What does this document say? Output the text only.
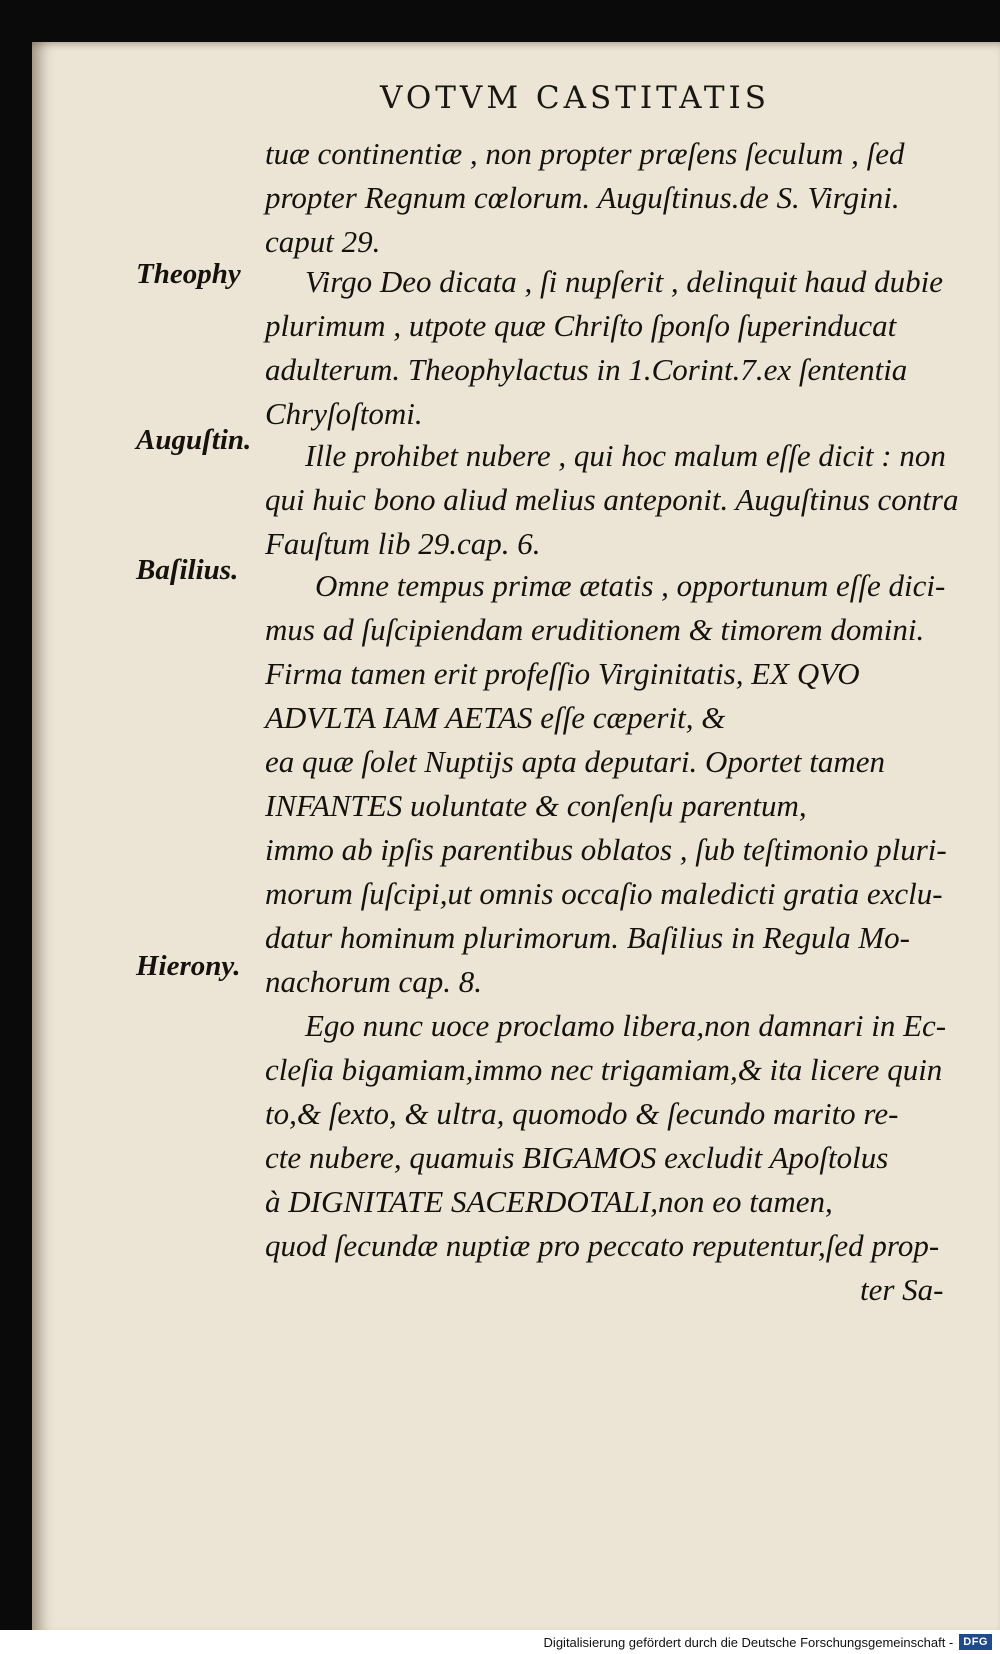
VOTVM CASTITATIS
Theophy
Auguſtin.
Baſilius.
Hierony.
tuæ continentiæ , non propter præſens ſeculum , ſed
propter Regnum cœlorum. Auguſtinus.de S. Virgini.
caput 29.
Virgo Deo dicata , ſi nupſerit , delinquit haud dubie
plurimum , utpote quæ Chriſto ſponſo ſuperinducat
adulterum. Theophylactus in 1.Corint.7.ex ſententia
Chryſoſtomi.
Ille prohibet nubere , qui hoc malum eſſe dicit : non
qui huic bono aliud melius anteponit. Auguſtinus contra
Fauſtum lib 29.cap. 6.
Omne tempus primæ ætatis , opportunum eſſe dici-
mus ad ſuſcipiendam eruditionem & timorem domini.
Firma tamen erit profeſſio Virginitatis, EX QVO
ADVLTA IAM AETAS eſſe cæperit, &
ea quæ ſolet Nuptijs apta deputari. Oportet tamen
INFANTES uoluntate & conſenſu parentum,
immo ab ipſis parentibus oblatos , ſub teſtimonio pluri-
morum ſuſcipi,ut omnis occaſio maledicti gratia exclu-
datur hominum plurimorum. Baſilius in Regula Mo-
nachorum cap. 8.
Ego nunc uoce proclamo libera,non damnari in Ec-
cleſia bigamiam,immo nec trigamiam,& ita licere quin
to,& ſexto, & ultra, quomodo & ſecundo marito re-
cte nubere, quamuis BIGAMOS excludit Apoſtolus
à DIGNITATE SACERDOTALI,non eo tamen,
quod ſecundæ nuptiæ pro peccato reputentur,ſed prop-
ter Sa-
Digitalisierung gefördert durch die Deutsche Forschungsgemeinschaft - DFG
